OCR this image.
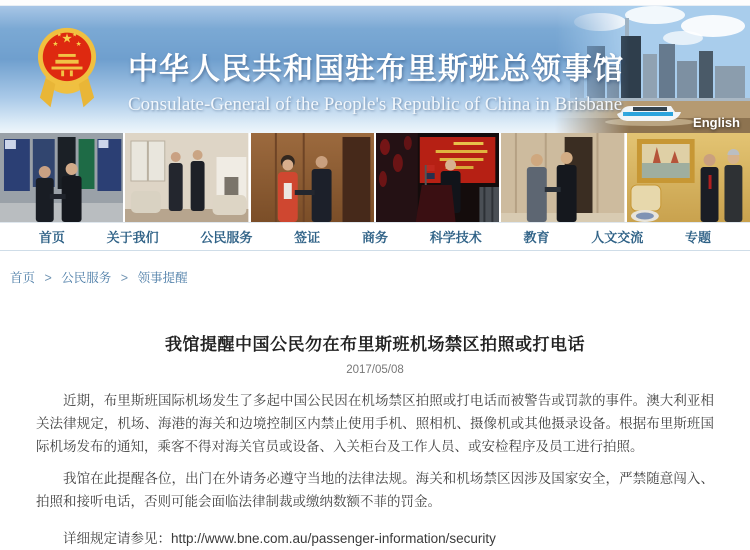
★
★ ★
★ ★
中华人民共和国驻布里斯班总领事馆
Consulate-General of the People's Republic of China in Brisbane
English
首页	关于我们	公民服务	签证	商务	科学技术	教育	人文交流	专题
首页 > 公民服务 > 领事提醒
我馆提醒中国公民勿在布里斯班机场禁区拍照或打电话
2017/05/08

近期，布里斯班国际机场发生了多起中国公民因在机场禁区拍照或打电话而被警告或罚款的事件。澳大利亚相关法律规定，机场、海港的海关和边境控制区内禁止使用手机、照相机、摄像机或其他摄录设备。根据布里斯班国际机场发布的通知，乘客不得对海关官员或设备、入关柜台及工作人员、或安检程序及员工进行拍照。

我馆在此提醒各位，出门在外请务必遵守当地的法律法规。海关和机场禁区因涉及国家安全，严禁随意闯入、拍照和接听电话，否则可能会面临法律制裁或缴纳数额不菲的罚金。

详细规定请参见：http://www.bne.com.au/passenger-information/security
